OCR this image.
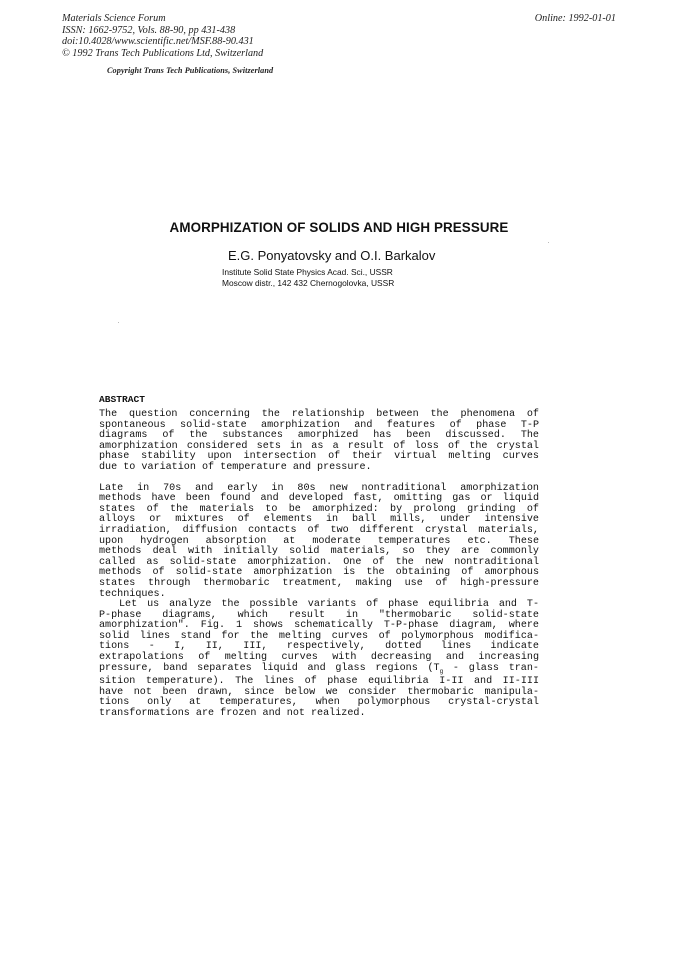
Materials Science Forum
ISSN: 1662-9752, Vols. 88-90, pp 431-438
doi:10.4028/www.scientific.net/MSF.88-90.431
© 1992 Trans Tech Publications Ltd, Switzerland
Copyright Trans Tech Publications, Switzerland
Online: 1992-01-01
AMORPHIZATION OF SOLIDS AND HIGH PRESSURE
E.G. Ponyatovsky and O.I. Barkalov
Institute Solid State Physics Acad. Sci., USSR
Moscow distr., 142 432 Chernogolovka, USSR
ABSTRACT
The question concerning the relationship between the phenomena of
spontaneous solid-state amorphization and features of phase T-P
diagrams of the substances amorphized has been discussed. The
amorphization considered sets in as a result of loss of the crystal
phase stability upon intersection of their virtual melting curves
due to variation of temperature and pressure.
Late in 70s and early in 80s new nontraditional amorphization
methods have been found and developed fast, omitting gas or liquid
states of the materials to be amorphized: by prolong grinding of
alloys or mixtures of elements in ball mills, under intensive
irradiation, diffusion contacts of two different crystal materials,
upon hydrogen absorption at moderate temperatures etc. These
methods deal with initially solid materials, so they are commonly
called as solid-state amorphization. One of the new nontraditional
methods of solid-state amorphization is the obtaining of amorphous
states through thermobaric treatment, making use of high-pressure
techniques.
Let us analyze the possible variants of phase equilibria and T-
P-phase diagrams, which result in "thermobaric solid-state
amorphization". Fig. 1 shows schematically T-P-phase diagram, where
solid lines stand for the melting curves of polymorphous modifica-
tions - I, II, III, respectively, dotted lines indicate
extrapolations of melting curves with decreasing and increasing
pressure, band separates liquid and glass regions ($T_g$ - glass tran-
sition temperature). The lines of phase equilibria I-II and II-III
have not been drawn, since below we consider thermobaric manipula-
tions only at temperatures, when polymorphous crystal-crystal
transformations are frozen and not realized.
